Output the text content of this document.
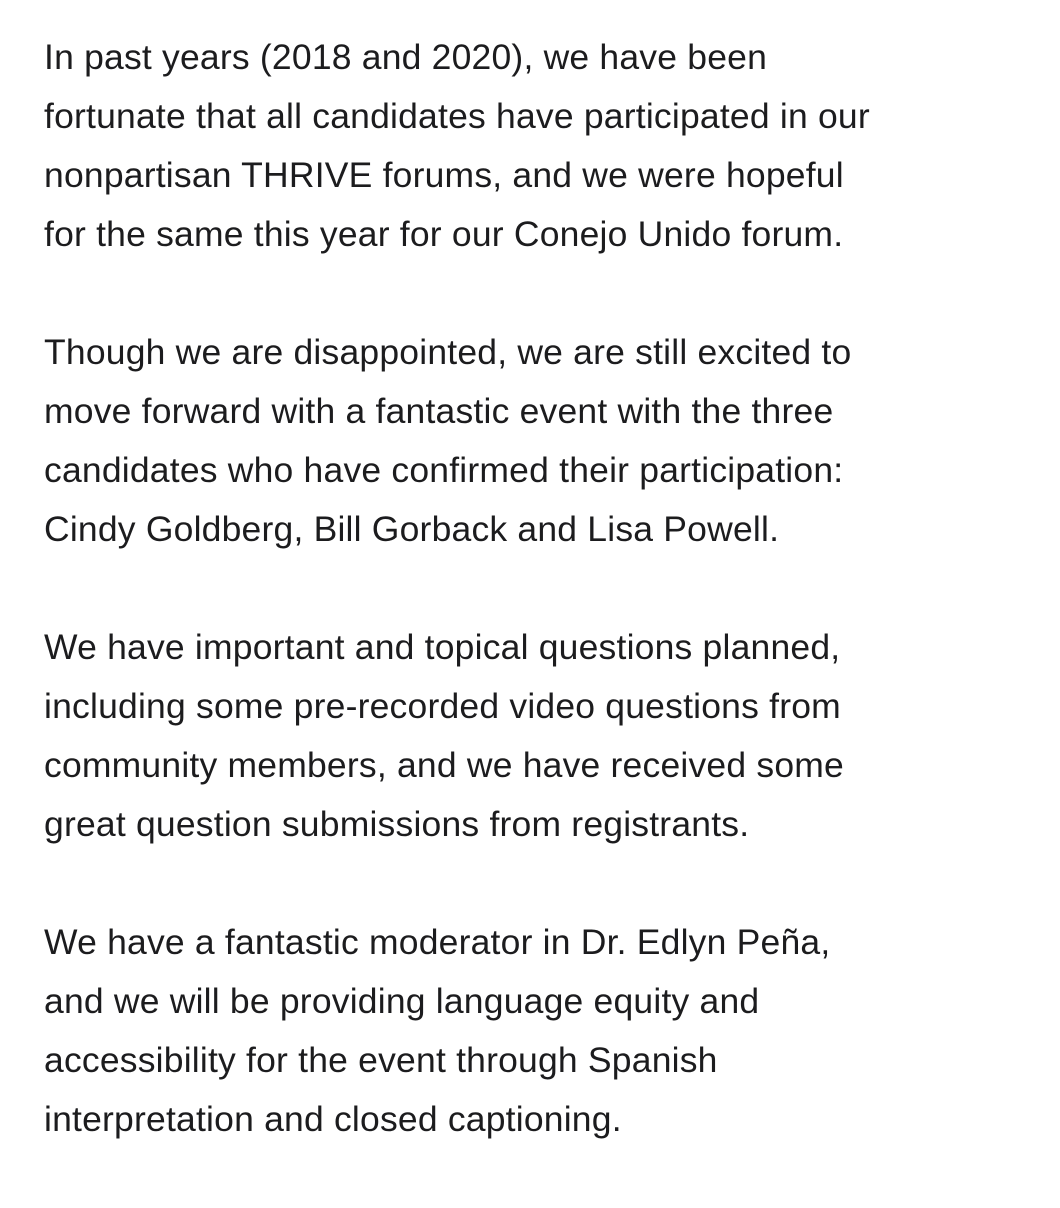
In past years (2018 and 2020), we have been
fortunate that all candidates have participated in our
nonpartisan THRIVE forums, and we were hopeful
for the same this year for our Conejo Unido forum.

Though we are disappointed, we are still excited to
move forward with a fantastic event with the three
candidates who have confirmed their participation:
Cindy Goldberg, Bill Gorback and Lisa Powell.

We have important and topical questions planned,
including some pre-recorded video questions from
community members, and we have received some
great question submissions from registrants.

We have a fantastic moderator in Dr. Edlyn Peña,
and we will be providing language equity and
accessibility for the event through Spanish
interpretation and closed captioning.
